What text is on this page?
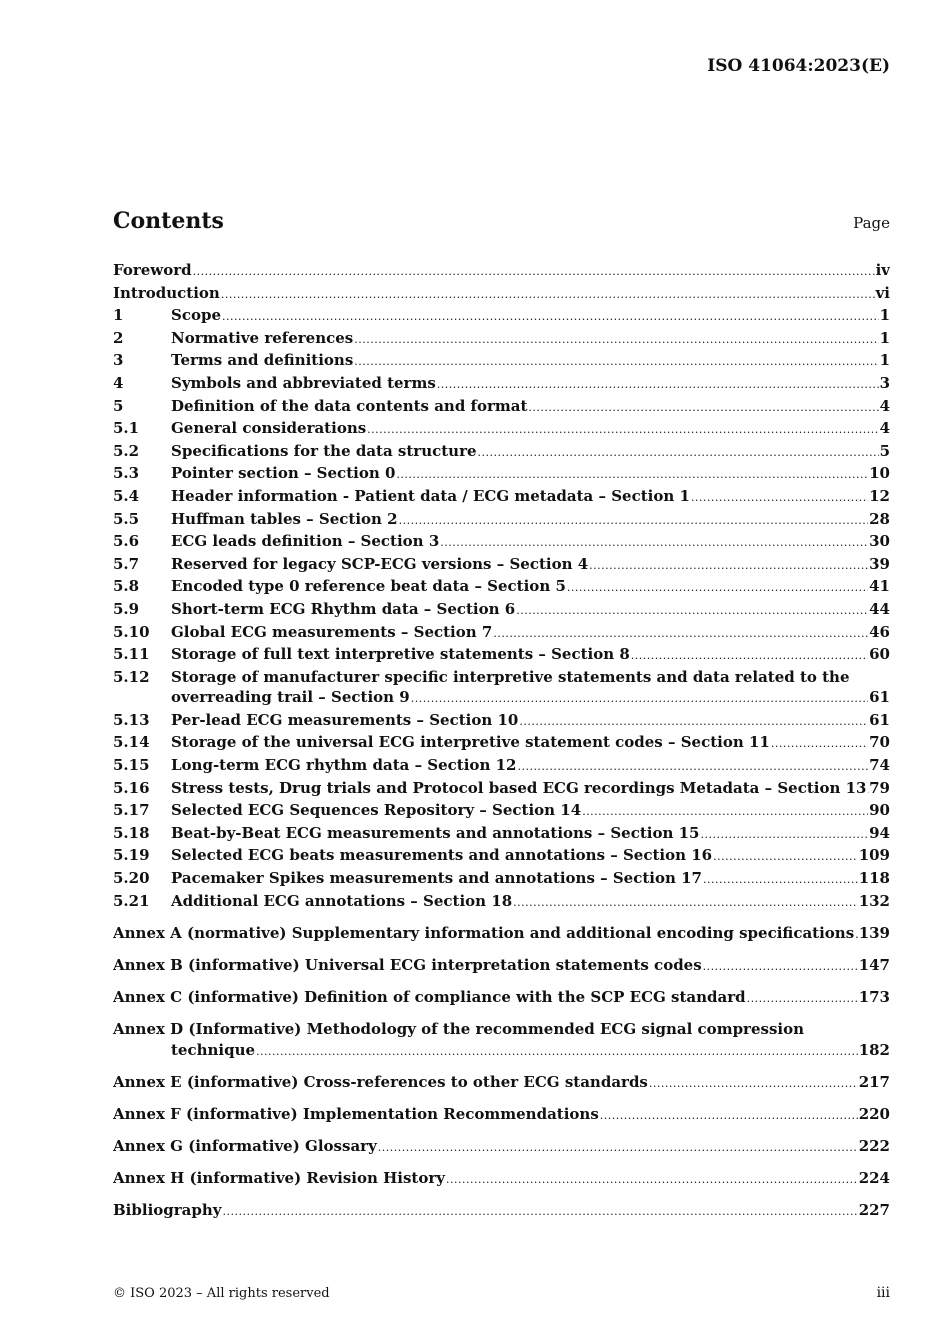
ISO 41064:2023(E)
Contents	Page
Foreword .....	iv
Introduction .....	vi
1	Scope .....	1
2	Normative references .....	1
3	Terms and definitions .....	1
4	Symbols and abbreviated terms .....	3
5	Definition of the data contents and format .....	4
5.1	General considerations .....	4
5.2	Specifications for the data structure .....	5
5.3	Pointer section – Section 0 .....	10
5.4	Header information - Patient data / ECG metadata – Section 1 .....	12
5.5	Huffman tables – Section 2 .....	28
5.6	ECG leads definition – Section 3 .....	30
5.7	Reserved for legacy SCP-ECG versions – Section 4 .....	39
5.8	Encoded type 0 reference beat data – Section 5 .....	41
5.9	Short-term ECG Rhythm data – Section 6 .....	44
5.10	Global ECG measurements – Section 7 .....	46
5.11	Storage of full text interpretive statements – Section 8 .....	60
5.12	Storage of manufacturer specific interpretive statements and data related to the
overreading trail – Section 9 .....	61
5.13	Per-lead ECG measurements – Section 10 .....	61
5.14	Storage of the universal ECG interpretive statement codes – Section 11 .....	70
5.15	Long-term ECG rhythm data – Section 12 .....	74
5.16	Stress tests, Drug trials and Protocol based ECG recordings Metadata – Section 13 ..... 79
5.17	Selected ECG Sequences Repository – Section 14 .....	90
5.18	Beat-by-Beat ECG measurements and annotations – Section 15 .....	94
5.19	Selected ECG beats measurements and annotations – Section 16 .....	109
5.20	Pacemaker Spikes measurements and annotations – Section 17 .....	118
5.21	Additional ECG annotations – Section 18 .....	132
Annex A (normative) Supplementary information and additional encoding specifications ..... 139
Annex B (informative) Universal ECG interpretation statements codes .....	147
Annex C (informative) Definition of compliance with the SCP ECG standard .....	173
Annex D (Informative) Methodology of the recommended ECG signal compression
technique .....	182
Annex E (informative) Cross-references to other ECG standards .....	217
Annex F (informative) Implementation Recommendations .....	220
Annex G (informative) Glossary .....	222
Annex H (informative) Revision History .....	224
Bibliography .....	227
© ISO 2023 – All rights reserved	iii
